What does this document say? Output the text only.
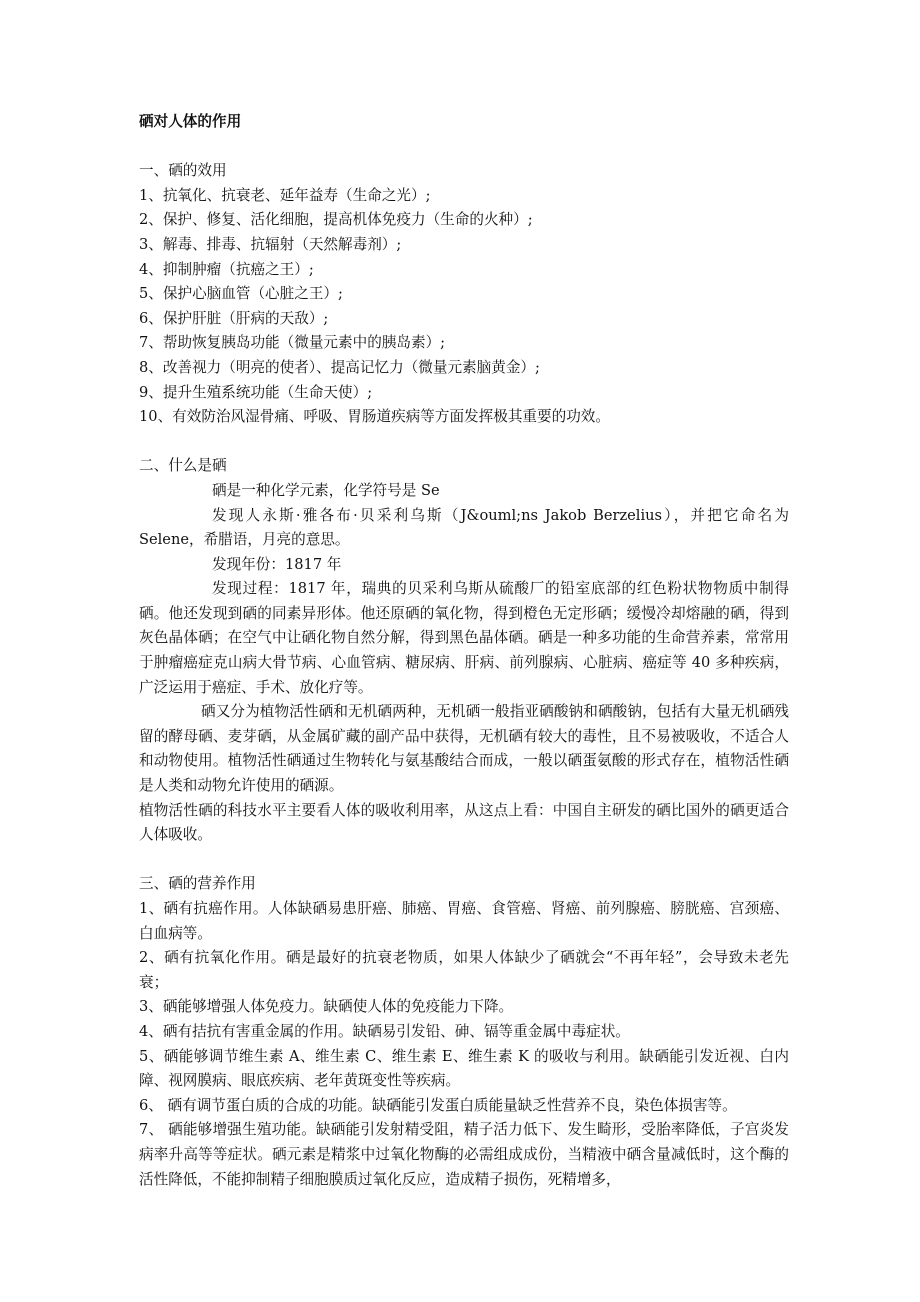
硒对人体的作用

一、硒的效用

1、抗氧化、抗衰老、延年益寿（生命之光）;

2、保护、修复、活化细胞，提高机体免疫力（生命的火种）;

3、解毒、排毒、抗辐射（天然解毒剂）;

4、抑制肿瘤（抗癌之王）;

5、保护心脑血管（心脏之王）;

6、保护肝脏（肝病的天敌）;

7、帮助恢复胰岛功能（微量元素中的胰岛素）;

8、改善视力（明亮的使者）、提高记忆力（微量元素脑黄金）;

9、提升生殖系统功能（生命天使）;

10、有效防治风湿骨痛、呼吸、胃肠道疾病等方面发挥极其重要的功效。

二、什么是硒

硒是一种化学元素，化学符号是 Se

发现人永斯·雅各布·贝采利乌斯（J&ouml;ns Jakob Berzelius），并把它命名为Selene，希腊语，月亮的意思。

发现年份：1817 年

发现过程：1817 年，瑞典的贝采利乌斯从硫酸厂的铅室底部的红色粉状物物质中制得硒。他还发现到硒的同素异形体。他还原硒的氧化物，得到橙色无定形硒；缓慢冷却熔融的硒，得到灰色晶体硒；在空气中让硒化物自然分解，得到黑色晶体硒。硒是一种多功能的生命营养素，常常用于肿瘤癌症克山病大骨节病、心血管病、糖尿病、肝病、前列腺病、心脏病、癌症等 40 多种疾病，广泛运用于癌症、手术、放化疗等。

硒又分为植物活性硒和无机硒两种，无机硒一般指亚硒酸钠和硒酸钠，包括有大量无机硒残留的酵母硒、麦芽硒，从金属矿藏的副产品中获得，无机硒有较大的毒性，且不易被吸收，不适合人和动物使用。植物活性硒通过生物转化与氨基酸结合而成，一般以硒蛋氨酸的形式存在，植物活性硒是人类和动物允许使用的硒源。

植物活性硒的科技水平主要看人体的吸收利用率，从这点上看：中国自主研发的硒比国外的硒更适合人体吸收。

三、硒的营养作用

1、硒有抗癌作用。人体缺硒易患肝癌、肺癌、胃癌、食管癌、肾癌、前列腺癌、膀胱癌、宫颈癌、白血病等。

2、硒有抗氧化作用。硒是最好的抗衰老物质，如果人体缺少了硒就会“不再年轻”，会导致未老先衰；

3、硒能够增强人体免疫力。缺硒使人体的免疫能力下降。

4、硒有拮抗有害重金属的作用。缺硒易引发铅、砷、镉等重金属中毒症状。

5、硒能够调节维生素 A、维生素 C、维生素 E、维生素 K 的吸收与利用。缺硒能引发近视、白内障、视网膜病、眼底疾病、老年黄斑变性等疾病。

6、 硒有调节蛋白质的合成的功能。缺硒能引发蛋白质能量缺乏性营养不良，染色体损害等。

7、 硒能够增强生殖功能。缺硒能引发射精受阻，精子活力低下、发生畸形，受胎率降低，子宫炎发病率升高等等症状。硒元素是精浆中过氧化物酶的必需组成成份，当精液中硒含量减低时，这个酶的活性降低，不能抑制精子细胞膜质过氧化反应，造成精子损伤，死精增多，
